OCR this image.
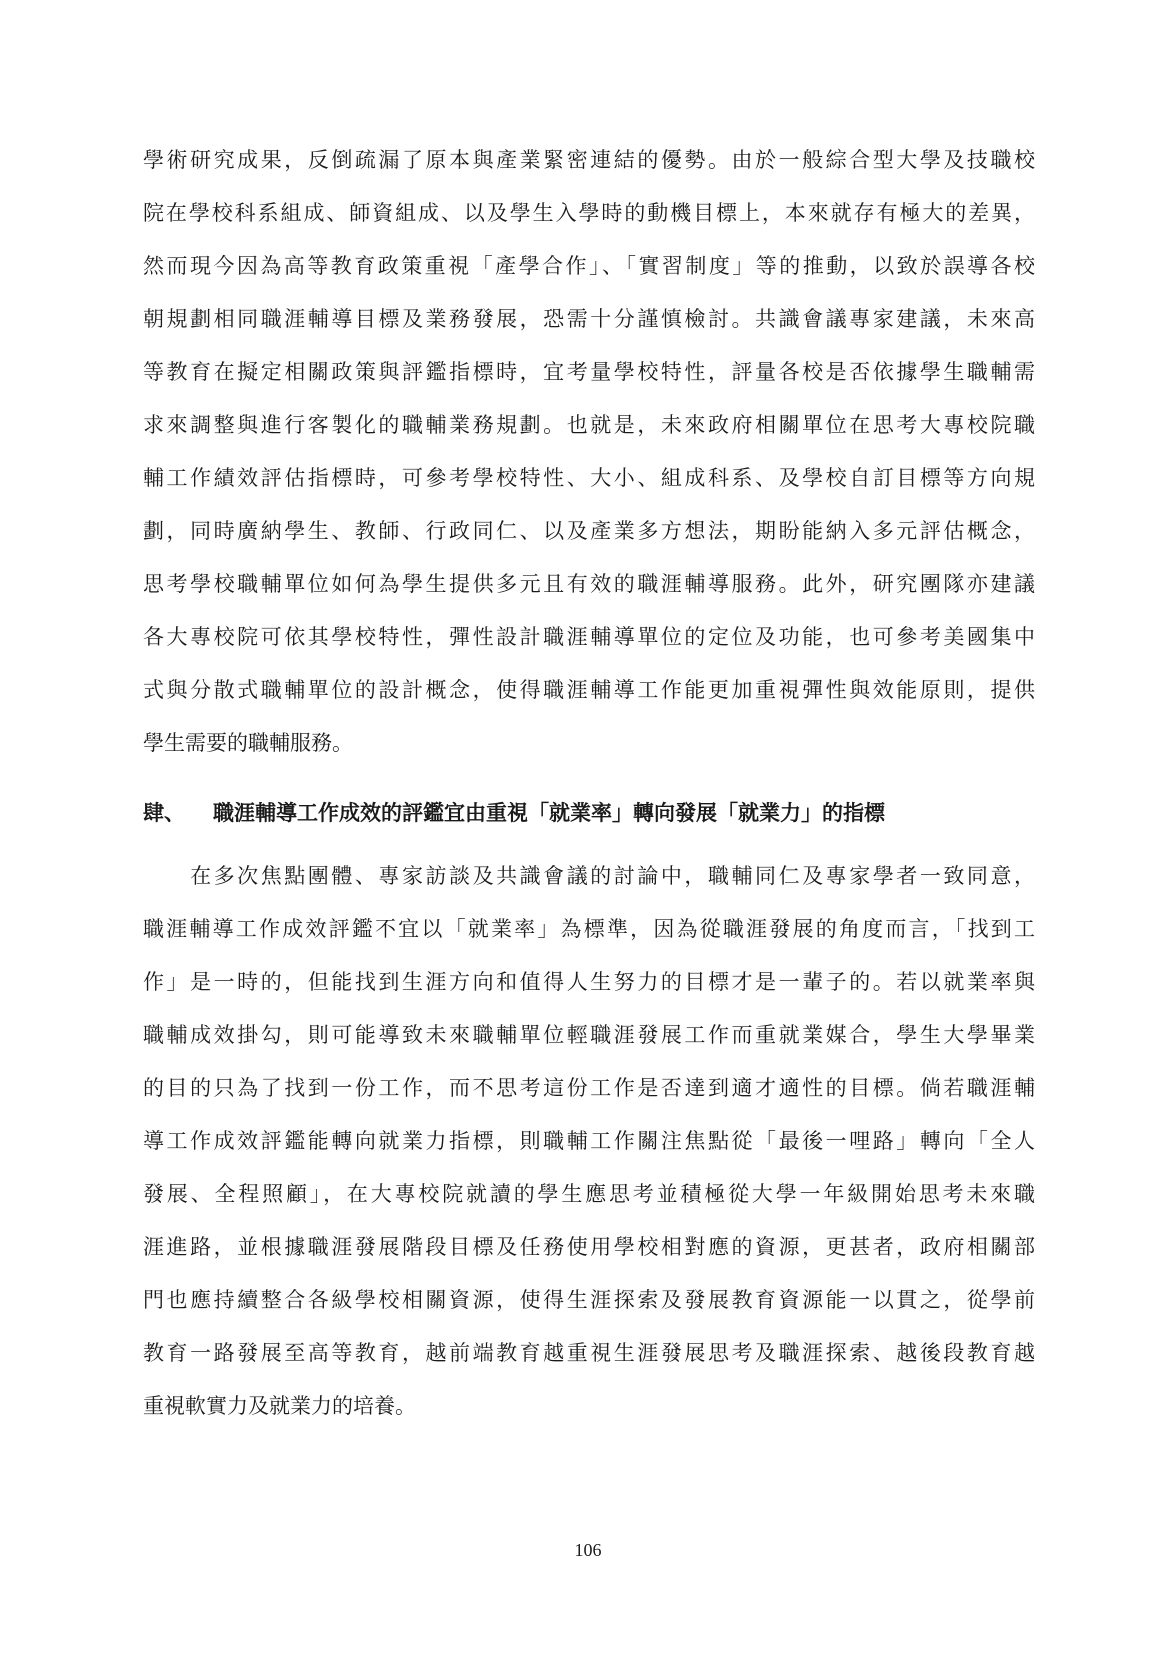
學術研究成果，反倒疏漏了原本與產業緊密連結的優勢。由於一般綜合型大學及技職校
院在學校科系組成、師資組成、以及學生入學時的動機目標上，本來就存有極大的差異，
然而現今因為高等教育政策重視「產學合作」、「實習制度」等的推動，以致於誤導各校
朝規劃相同職涯輔導目標及業務發展，恐需十分謹慎檢討。共識會議專家建議，未來高
等教育在擬定相關政策與評鑑指標時，宜考量學校特性，評量各校是否依據學生職輔需
求來調整與進行客製化的職輔業務規劃。也就是，未來政府相關單位在思考大專校院職
輔工作績效評估指標時，可參考學校特性、大小、組成科系、及學校自訂目標等方向規
劃，同時廣納學生、教師、行政同仁、以及產業多方想法，期盼能納入多元評估概念，
思考學校職輔單位如何為學生提供多元且有效的職涯輔導服務。此外，研究團隊亦建議
各大專校院可依其學校特性，彈性設計職涯輔導單位的定位及功能，也可參考美國集中
式與分散式職輔單位的設計概念，使得職涯輔導工作能更加重視彈性與效能原則，提供
學生需要的職輔服務。
肆、 職涯輔導工作成效的評鑑宜由重視「就業率」轉向發展「就業力」的指標
　　在多次焦點團體、專家訪談及共識會議的討論中，職輔同仁及專家學者一致同意，
職涯輔導工作成效評鑑不宜以「就業率」為標準，因為從職涯發展的角度而言，「找到工
作」是一時的，但能找到生涯方向和值得人生努力的目標才是一輩子的。若以就業率與
職輔成效掛勾，則可能導致未來職輔單位輕職涯發展工作而重就業媒合，學生大學畢業
的目的只為了找到一份工作，而不思考這份工作是否達到適才適性的目標。倘若職涯輔
導工作成效評鑑能轉向就業力指標，則職輔工作關注焦點從「最後一哩路」轉向「全人
發展、全程照顧」，在大專校院就讀的學生應思考並積極從大學一年級開始思考未來職
涯進路，並根據職涯發展階段目標及任務使用學校相對應的資源，更甚者，政府相關部
門也應持續整合各級學校相關資源，使得生涯探索及發展教育資源能一以貫之，從學前
教育一路發展至高等教育，越前端教育越重視生涯發展思考及職涯探索、越後段教育越
重視軟實力及就業力的培養。
106
